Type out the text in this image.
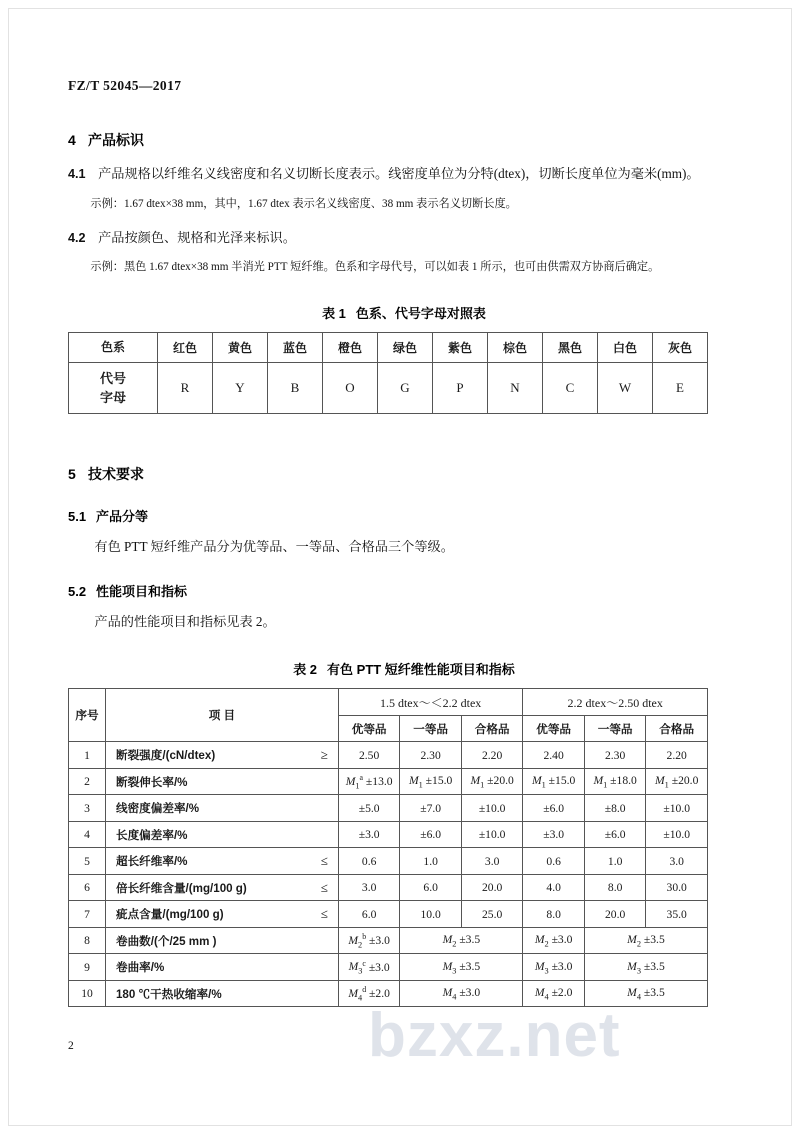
bzxz.net
FZ/T 52045—2017
4 产品标识
4.1 产品规格以纤维名义线密度和名义切断长度表示。线密度单位为分特(dtex)，切断长度单位为毫米(mm)。
示例：1.67 dtex×38 mm，其中，1.67 dtex 表示名义线密度、38 mm 表示名义切断长度。
4.2 产品按颜色、规格和光泽来标识。
示例：黑色 1.67 dtex×38 mm 半消光 PTT 短纤维。色系和字母代号，可以如表 1 所示，也可由供需双方协商后确定。
表 1 色系、代号字母对照表
色系	红色	黄色	蓝色	橙色	绿色	紫色	棕色	黑色	白色	灰色

代号
字母	R	Y	B	O	G	P	N	C	W	E
5 技术要求
5.1 产品分等
有色 PTT 短纤维产品分为优等品、一等品、合格品三个等级。
5.2 性能项目和指标
产品的性能项目和指标见表 2。
表 2 有色 PTT 短纤维性能项目和指标
序号	项 目	1.5 dtex～＜2.2 dtex			2.2 dtex～2.50 dtex		
		优等品	一等品	合格品	优等品	一等品	合格品
1	断裂强度/(cN/dtex) ≥	2.50	2.30	2.20	2.40	2.30	2.20
2	断裂伸长率/%	$M_1^a \pm 13.0$	$M_1 \pm 15.0$	$M_1 \pm 20.0$	$M_1 \pm 15.0$	$M_1 \pm 18.0$	$M_1 \pm 20.0$
3	线密度偏差率/%	±5.0	±7.0	±10.0	±6.0	±8.0	±10.0
4	长度偏差率/%	±3.0	±6.0	±10.0	±3.0	±6.0	±10.0
5	超长纤维率/% ≤	0.6	1.0	3.0	0.6	1.0	3.0
6	倍长纤维含量/(mg/100 g) ≤	3.0	6.0	20.0	4.0	8.0	30.0
7	疵点含量/(mg/100 g) ≤	6.0	10.0	25.0	8.0	20.0	35.0
8	卷曲数/(个/25 mm )	$M_2^b \pm 3.0$	$M_2 \pm 3.5$		$M_2 \pm 3.0$	$M_2 \pm 3.5$	
9	卷曲率/%	$M_3^c \pm 3.0$	$M_3 \pm 3.5$		$M_3 \pm 3.0$	$M_3 \pm 3.5$	
10	180 ℃干热收缩率/%	$M_4^d \pm 2.0$	$M_4 \pm 3.0$		$M_4 \pm 2.0$	$M_4 \pm 3.5$	
2
